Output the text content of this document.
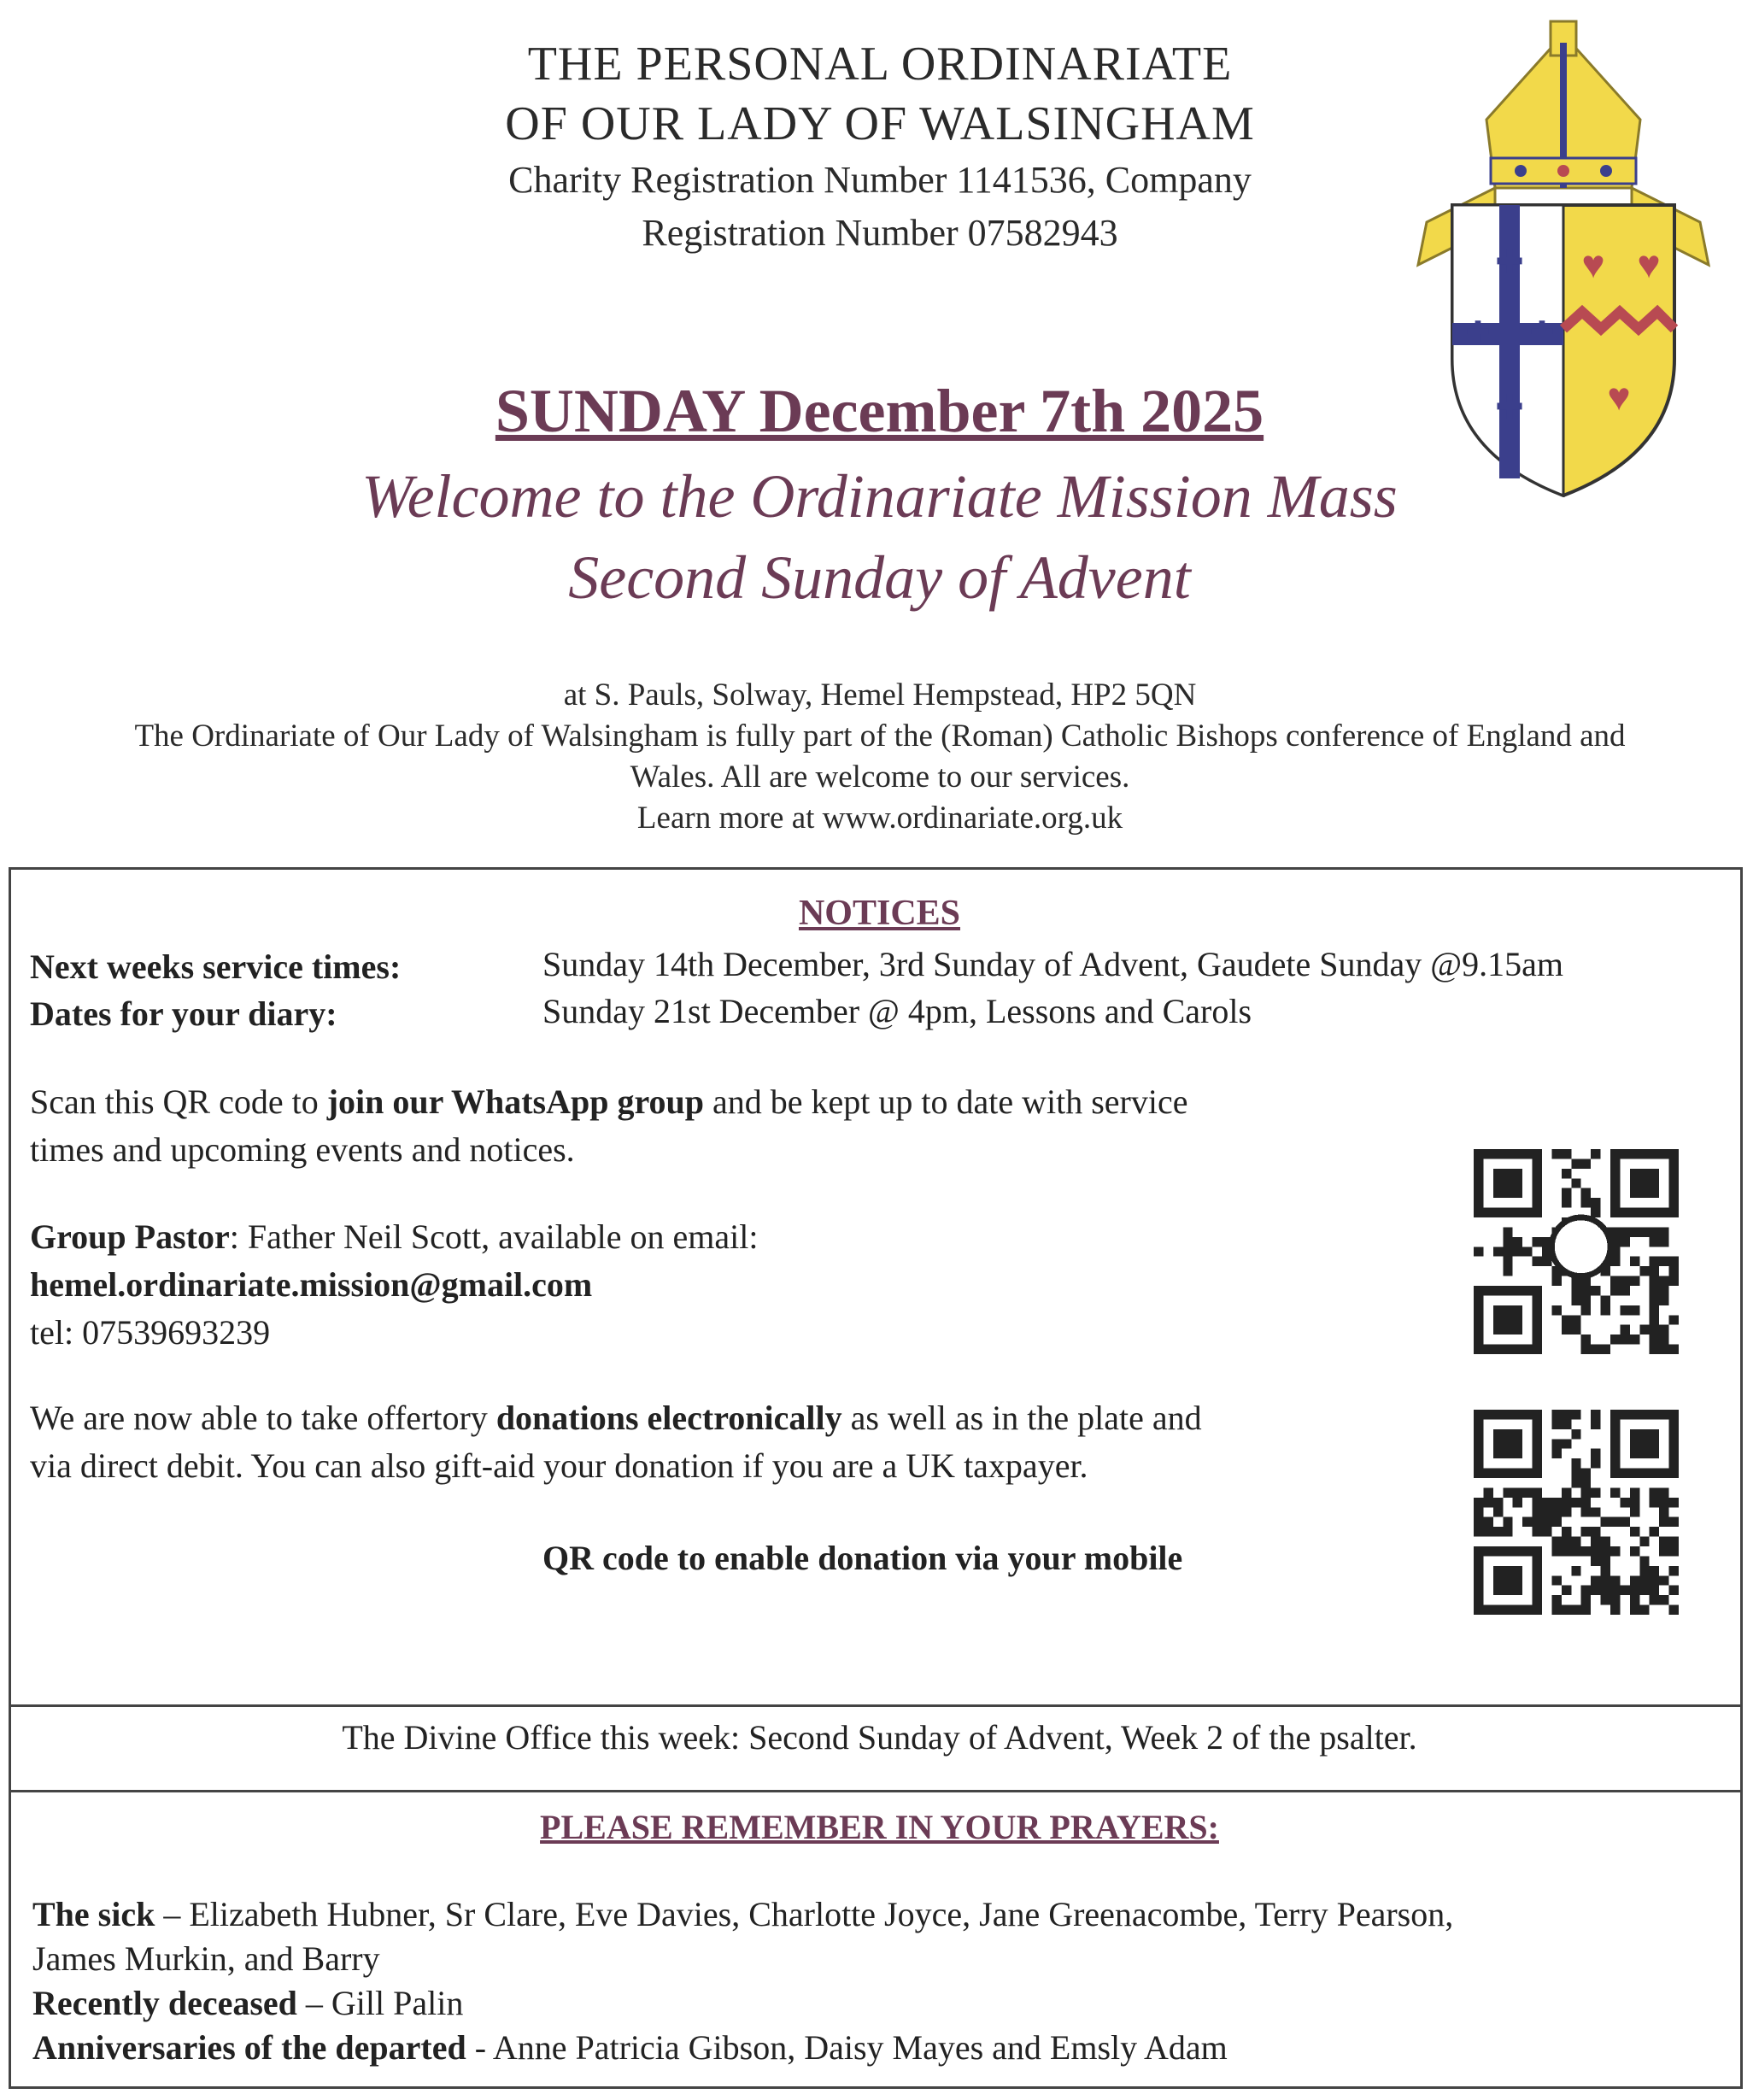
THE PERSONAL ORDINARIATE
OF OUR LADY OF WALSINGHAM
Charity Registration Number 1141536, Company
Registration Number 07582943
✚
✚ ✚
✚
♥ ♥
♥
SUNDAY December 7th 2025
Welcome to the Ordinariate Mission Mass
Second Sunday of Advent
at S. Pauls, Solway, Hemel Hempstead, HP2 5QN
The Ordinariate of Our Lady of Walsingham is fully part of the (Roman) Catholic Bishops conference of England and
Wales. All are welcome to our services.
Learn more at www.ordinariate.org.uk
NOTICES
Next weeks service times:	Sunday 14th December, 3rd Sunday of Advent, Gaudete Sunday @9.15am
Dates for your diary:	Sunday 21st December @ 4pm, Lessons and Carols
Scan this QR code to join our WhatsApp group and be kept up to date with service
times and upcoming events and notices.
Group Pastor: Father Neil Scott, available on email:
hemel.ordinariate.mission@gmail.com
tel: 07539693239
We are now able to take offertory donations electronically as well as in the plate and
via direct debit. You can also gift-aid your donation if you are a UK taxpayer.
QR code to enable donation via your mobile
The Divine Office this week: Second Sunday of Advent, Week 2 of the psalter.
PLEASE REMEMBER IN YOUR PRAYERS:
The sick – Elizabeth Hubner, Sr Clare, Eve Davies, Charlotte Joyce, Jane Greenacombe, Terry Pearson,
James Murkin, and Barry
Recently deceased – Gill Palin
Anniversaries of the departed - Anne Patricia Gibson, Daisy Mayes and Emsly Adam
